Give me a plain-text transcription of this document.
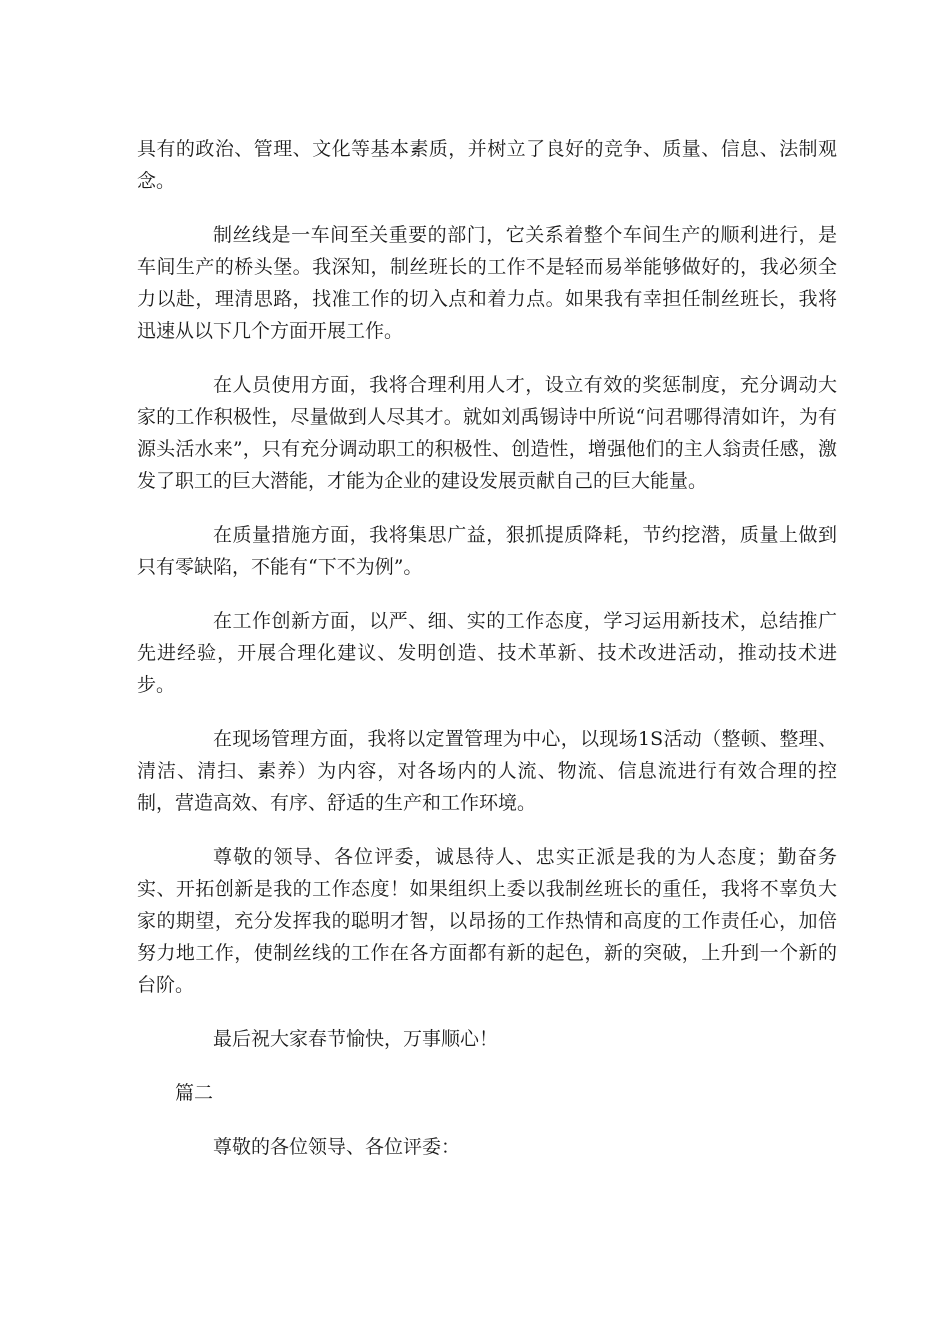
具有的政治、管理、文化等基本素质，并树立了良好的竞争、质量、信息、法制观念。

制丝线是一车间至关重要的部门，它关系着整个车间生产的顺利进行，是车间生产的桥头堡。我深知，制丝班长的工作不是轻而易举能够做好的，我必须全力以赴，理清思路，找准工作的切入点和着力点。如果我有幸担任制丝班长，我将迅速从以下几个方面开展工作。

在人员使用方面，我将合理利用人才，设立有效的奖惩制度，充分调动大家的工作积极性，尽量做到人尽其才。就如刘禹锡诗中所说“问君哪得清如许，为有源头活水来”，只有充分调动职工的积极性、创造性，增强他们的主人翁责任感，激发了职工的巨大潜能，才能为企业的建设发展贡献自己的巨大能量。

在质量措施方面，我将集思广益，狠抓提质降耗，节约挖潜，质量上做到只有零缺陷，不能有“下不为例”。

在工作创新方面，以严、细、实的工作态度，学习运用新技术，总结推广先进经验，开展合理化建议、发明创造、技术革新、技术改进活动，推动技术进步。

在现场管理方面，我将以定置管理为中心，以现场1S活动（整顿、整理、清洁、清扫、素养）为内容，对各场内的人流、物流、信息流进行有效合理的控制，营造高效、有序、舒适的生产和工作环境。

尊敬的领导、各位评委，诚恳待人、忠实正派是我的为人态度；勤奋务实、开拓创新是我的工作态度！如果组织上委以我制丝班长的重任，我将不辜负大家的期望，充分发挥我的聪明才智，以昂扬的工作热情和高度的工作责任心，加倍努力地工作，使制丝线的工作在各方面都有新的起色，新的突破，上升到一个新的台阶。

最后祝大家春节愉快，万事顺心！

篇二

尊敬的各位领导、各位评委：
